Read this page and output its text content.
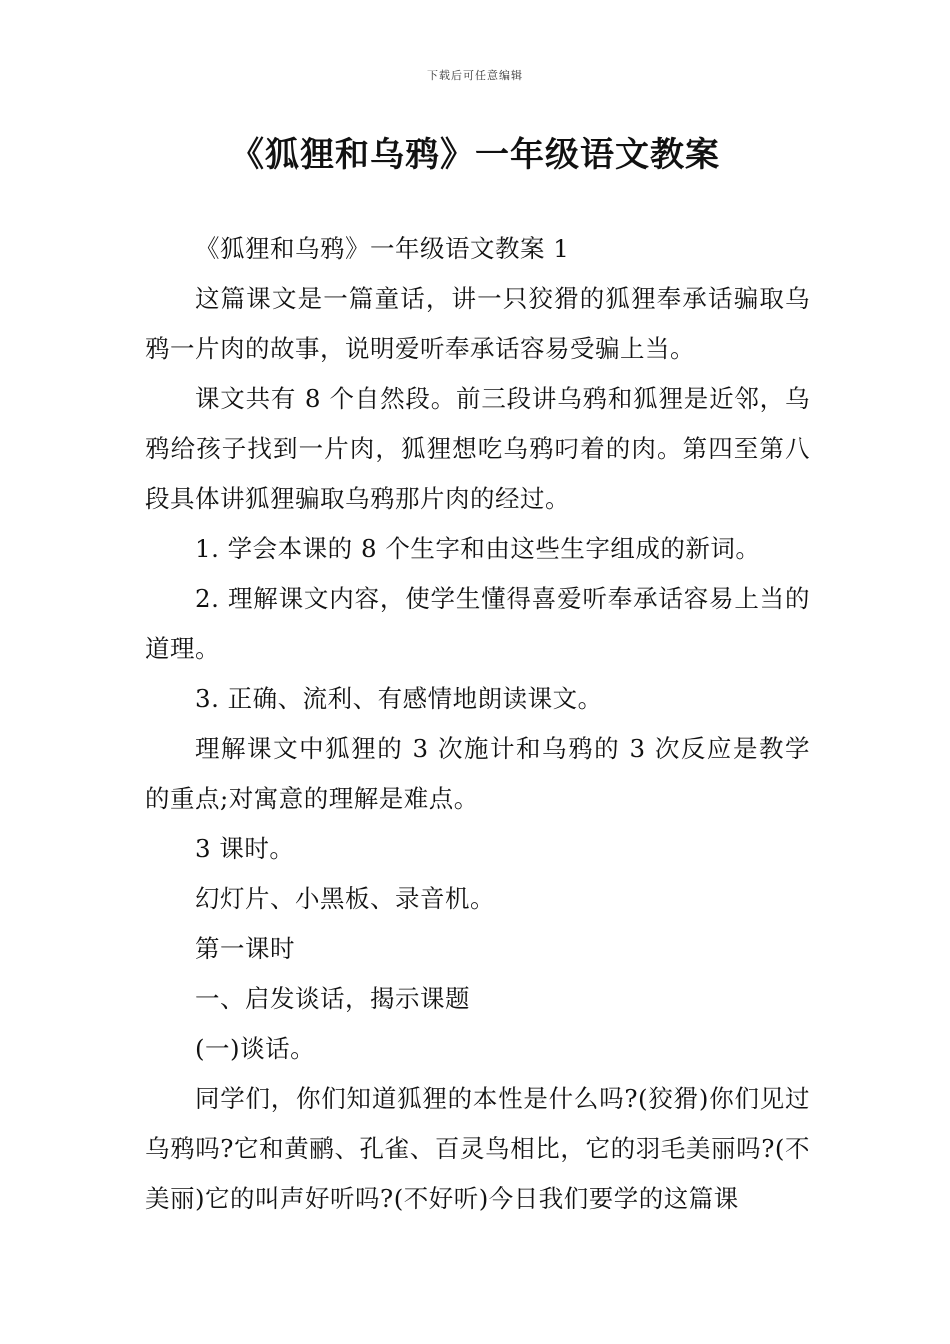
下载后可任意编辑
《狐狸和乌鸦》一年级语文教案

《狐狸和乌鸦》一年级语文教案 1

这篇课文是一篇童话，讲一只狡猾的狐狸奉承话骗取乌鸦一片肉的故事，说明爱听奉承话容易受骗上当。

课文共有 8 个自然段。前三段讲乌鸦和狐狸是近邻，乌鸦给孩子找到一片肉，狐狸想吃乌鸦叼着的肉。第四至第八段具体讲狐狸骗取乌鸦那片肉的经过。

1. 学会本课的 8 个生字和由这些生字组成的新词。

2. 理解课文内容，使学生懂得喜爱听奉承话容易上当的道理。

3. 正确、流利、有感情地朗读课文。

理解课文中狐狸的 3 次施计和乌鸦的 3 次反应是教学的重点;对寓意的理解是难点。

3 课时。

幻灯片、小黑板、录音机。

第一课时

一、启发谈话，揭示课题

(一)谈话。

同学们，你们知道狐狸的本性是什么吗?(狡猾)你们见过乌鸦吗?它和黄鹂、孔雀、百灵鸟相比，它的羽毛美丽吗?(不美丽)它的叫声好听吗?(不好听)今日我们要学的这篇课
